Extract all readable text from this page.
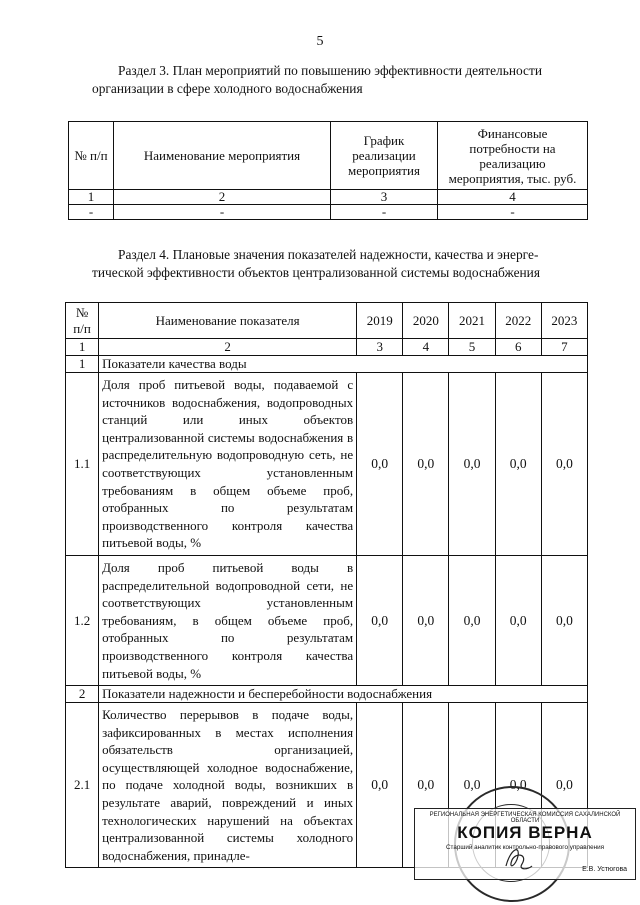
5
Раздел 3. План мероприятий по повышению эффективности деятельности
организации в сфере холодного водоснабжения
№ п/п	Наименование мероприятия	График реализации мероприятия	Финансовые потребности на реализацию мероприятия, тыс. руб.
1	2	3	4
-	-	-	-
Раздел 4. Плановые значения показателей надежности, качества и энерге-
тической эффективности объектов централизованной системы водоснабжения
№ п/п	Наименование показателя	2019	2020	2021	2022	2023
1	2	3	4	5	6	7
1	Показатели качества воды					
1.1	Доля проб питьевой воды, подаваемой с источников водоснабжения, водопроводных станций или иных объектов централизованной системы водоснабжения в распределительную водопроводную сеть, не соответствующих установленным требованиям в общем объеме проб, отобранных по результатам производственного контроля качества питьевой воды, %	0,0	0,0	0,0	0,0	0,0
1.2	Доля проб питьевой воды в распределительной водопроводной сети, не соответствующих установленным требованиям, в общем объеме проб, отобранных по результатам производственного контроля качества питьевой воды, %	0,0	0,0	0,0	0,0	0,0
2	Показатели надежности и бесперебойности водоснабжения					
2.1	Количество перерывов в подаче воды, зафиксированных в местах исполнения обязательств организацией, осуществляющей холодное водоснабжение, по подаче холодной воды, возникших в результате аварий, повреждений и иных технологических нарушений на объектах централизованной системы холодного водоснабжения, принадле-	0,0	0,0	0,0	0,0	0,0
РЕГИОНАЛЬНАЯ ЭНЕРГЕТИЧЕСКАЯ КОМИССИЯ САХАЛИНСКОЙ ОБЛАСТИ
КОПИЯ ВЕРНА
Старший аналитик контрольно-правового управления
Е.В. Устюгова
